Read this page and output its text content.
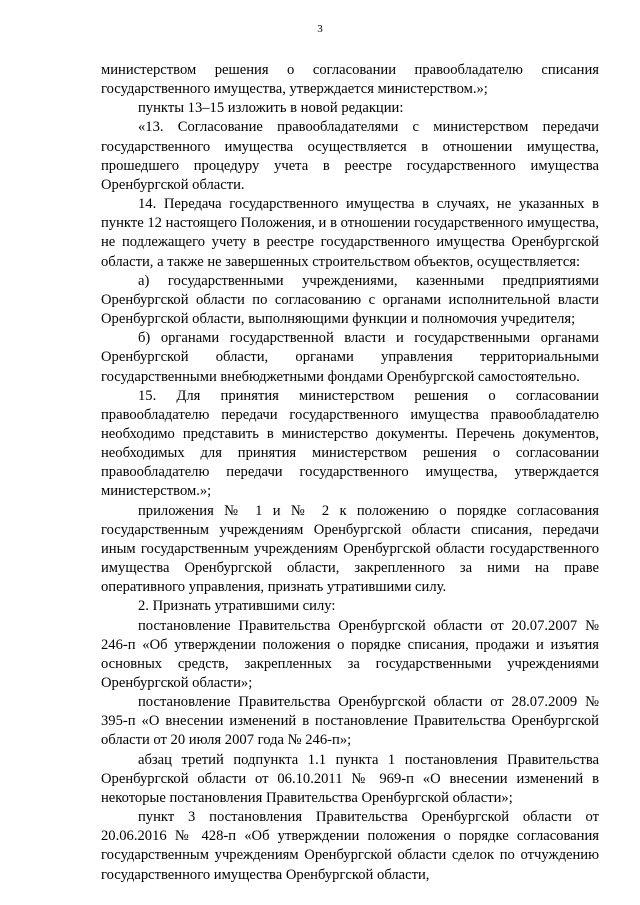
3

министерством решения о согласовании правообладателю списания государственного имущества, утверждается министерством.»;

пункты 13–15 изложить в новой редакции:

«13. Согласование правообладателями с министерством передачи государственного имущества осуществляется в отношении имущества, прошедшего процедуру учета в реестре государственного имущества Оренбургской области.

14. Передача государственного имущества в случаях, не указанных в пункте 12 настоящего Положения, и в отношении государственного имущества, не подлежащего учету в реестре государственного имущества Оренбургской области, а также не завершенных строительством объектов, осуществляется:

а) государственными учреждениями, казенными предприятиями Оренбургской области по согласованию с органами исполнительной власти Оренбургской области, выполняющими функции и полномочия учредителя;

б) органами государственной власти и государственными органами Оренбургской области, органами управления территориальными государственными внебюджетными фондами Оренбургской самостоятельно.

15. Для принятия министерством решения о согласовании правообладателю передачи государственного имущества правообладателю необходимо представить в министерство документы. Перечень документов, необходимых для принятия министерством решения о согласовании правообладателю передачи государственного имущества, утверждается министерством.»;

приложения № 1 и № 2 к положению о порядке согласования государственным учреждениям Оренбургской области списания, передачи иным государственным учреждениям Оренбургской области государственного имущества Оренбургской области, закрепленного за ними на праве оперативного управления, признать утратившими силу.

2. Признать утратившими силу:

постановление Правительства Оренбургской области от 20.07.2007 № 246-п «Об утверждении положения о порядке списания, продажи и изъятия основных средств, закрепленных за государственными учреждениями Оренбургской области»;

постановление Правительства Оренбургской области от 28.07.2009 № 395-п «О внесении изменений в постановление Правительства Оренбургской области от 20 июля 2007 года № 246-п»;

абзац третий подпункта 1.1 пункта 1 постановления Правительства Оренбургской области от 06.10.2011 № 969-п «О внесении изменений в некоторые постановления Правительства Оренбургской области»;

пункт 3 постановления Правительства Оренбургской области от 20.06.2016 № 428-п «Об утверждении положения о порядке согласования государственным учреждениям Оренбургской области сделок по отчуждению государственного имущества Оренбургской области,
